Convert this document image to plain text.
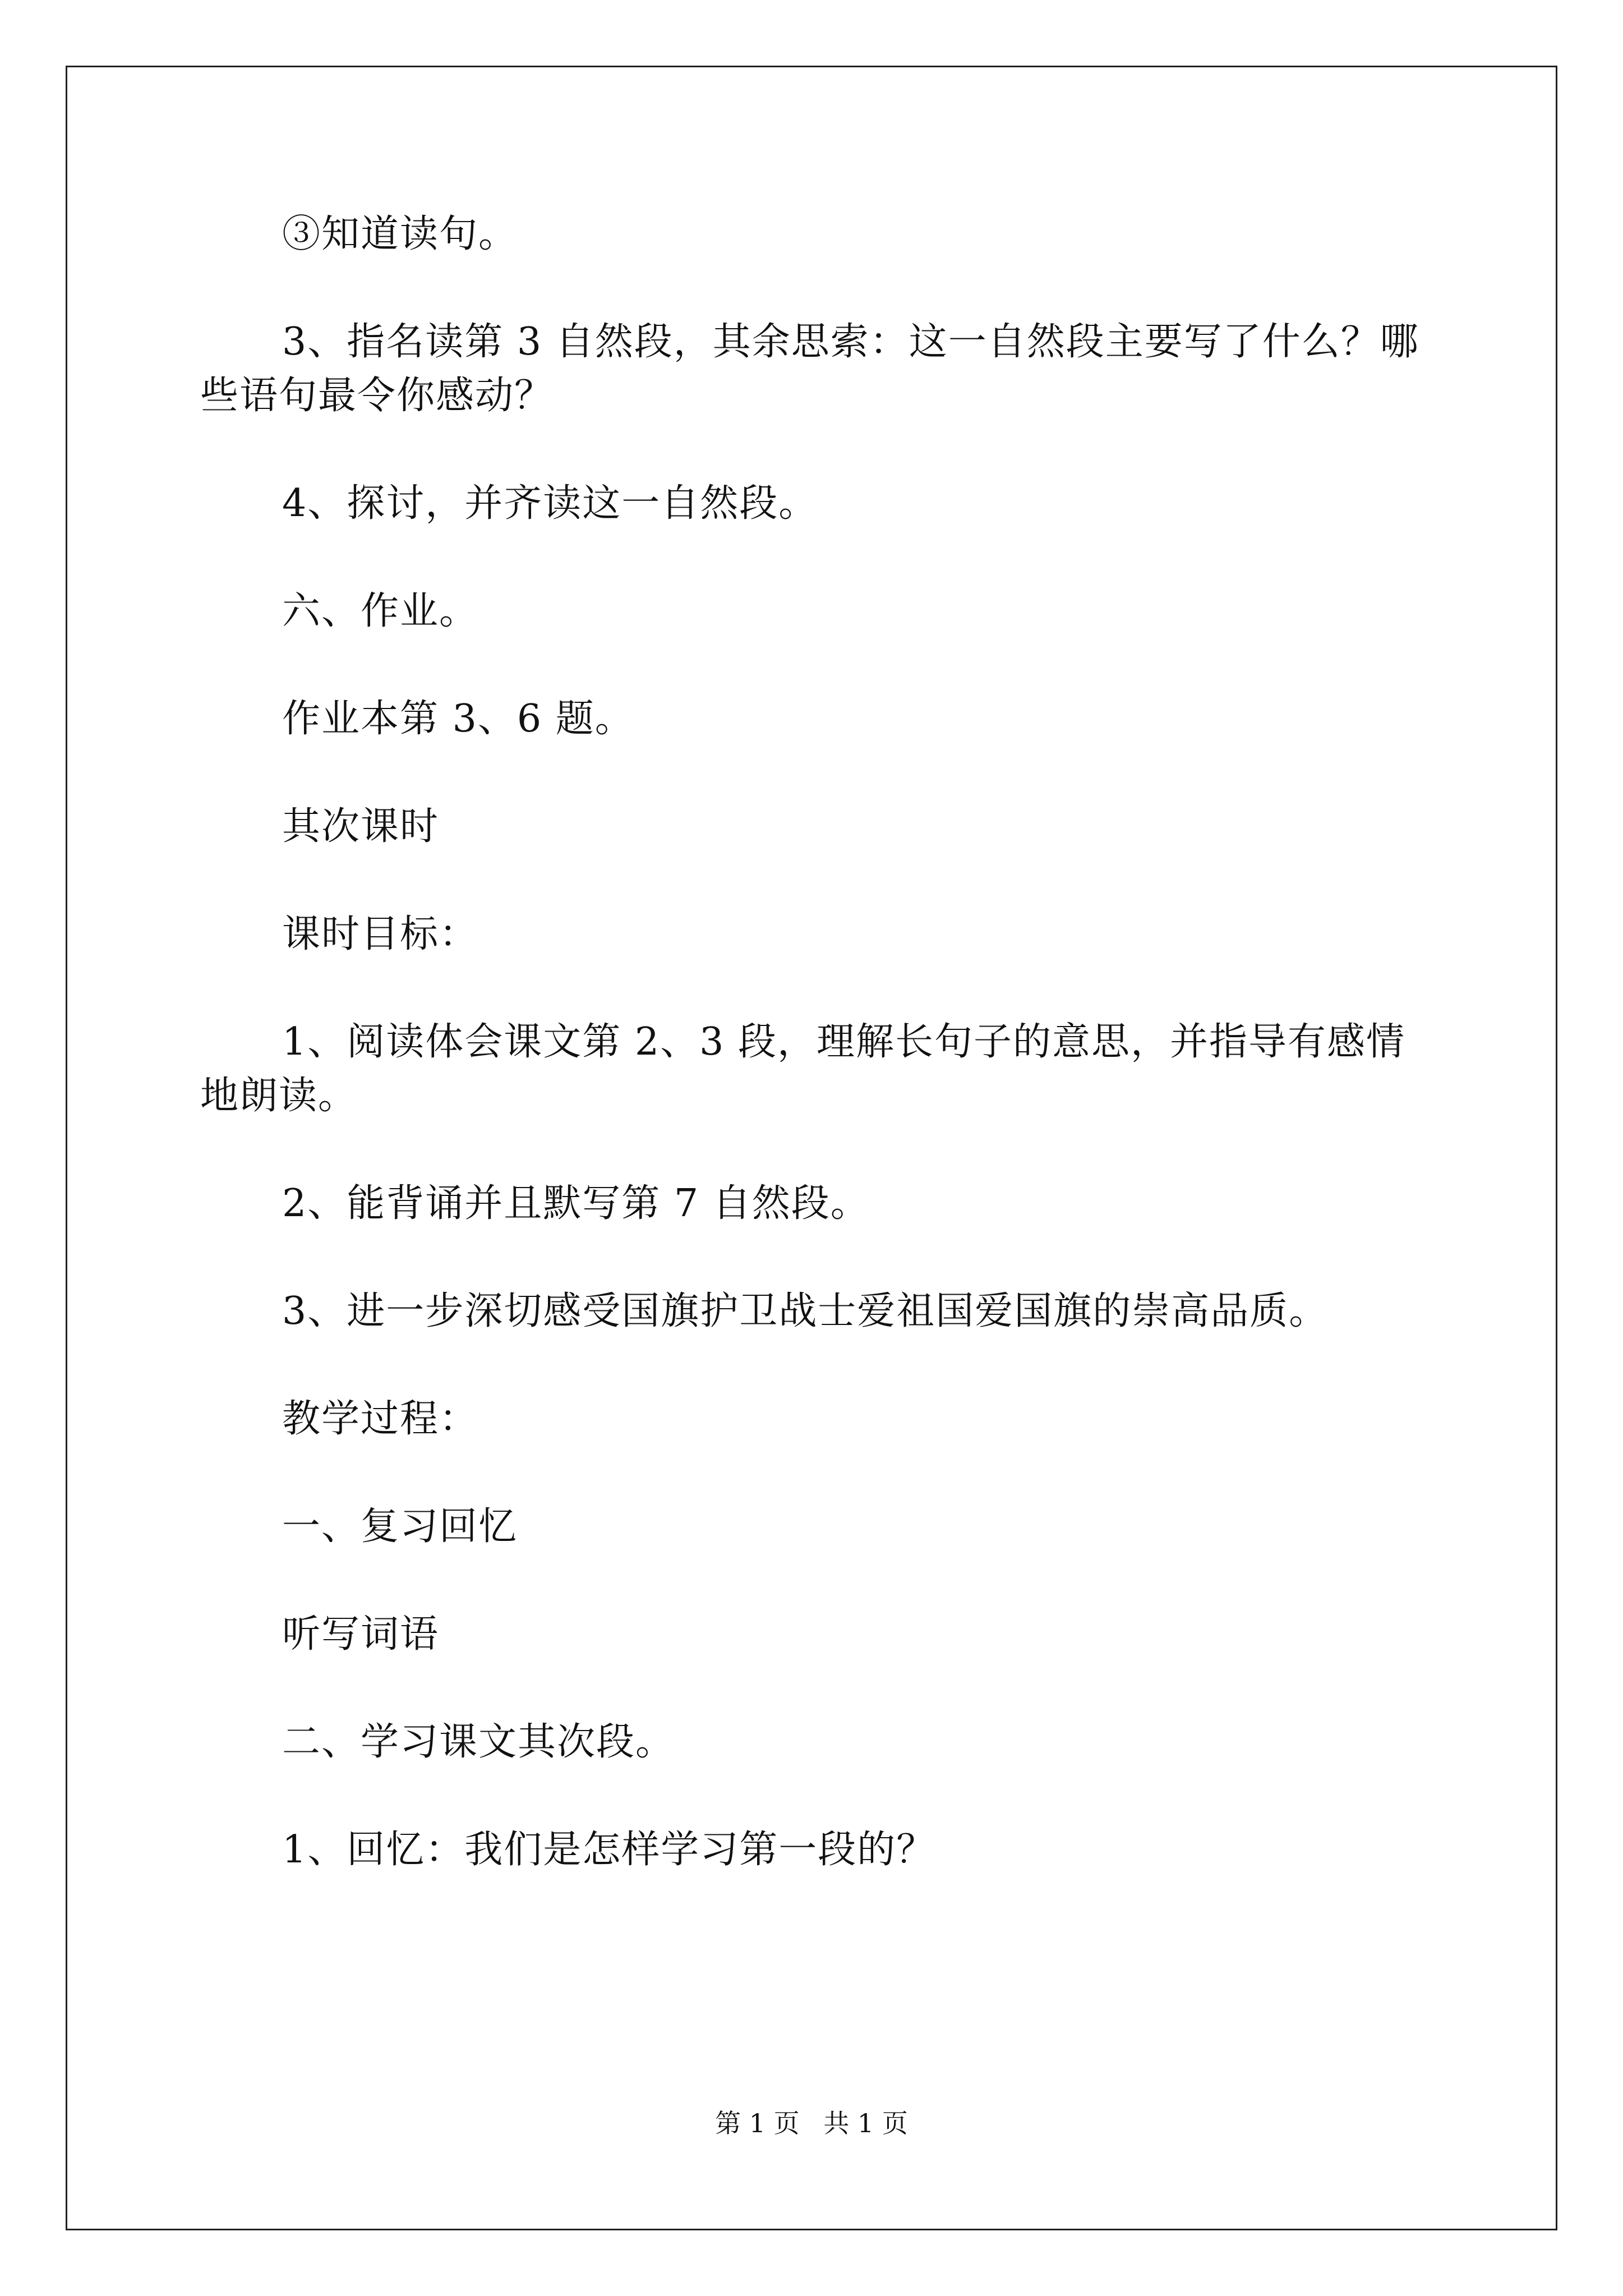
③知道读句。

3、指名读第 3 自然段，其余思索：这一自然段主要写了什么？哪些语句最令你感动？

4、探讨，并齐读这一自然段。

六、作业。

作业本第 3、6 题。

其次课时

课时目标：

1、阅读体会课文第 2、3 段，理解长句子的意思，并指导有感情地朗读。

2、能背诵并且默写第 7 自然段。

3、进一步深切感受国旗护卫战士爱祖国爱国旗的崇高品质。

教学过程：

一、复习回忆

听写词语

二、学习课文其次段。

1、回忆：我们是怎样学习第一段的？

第 1 页 共 1 页
